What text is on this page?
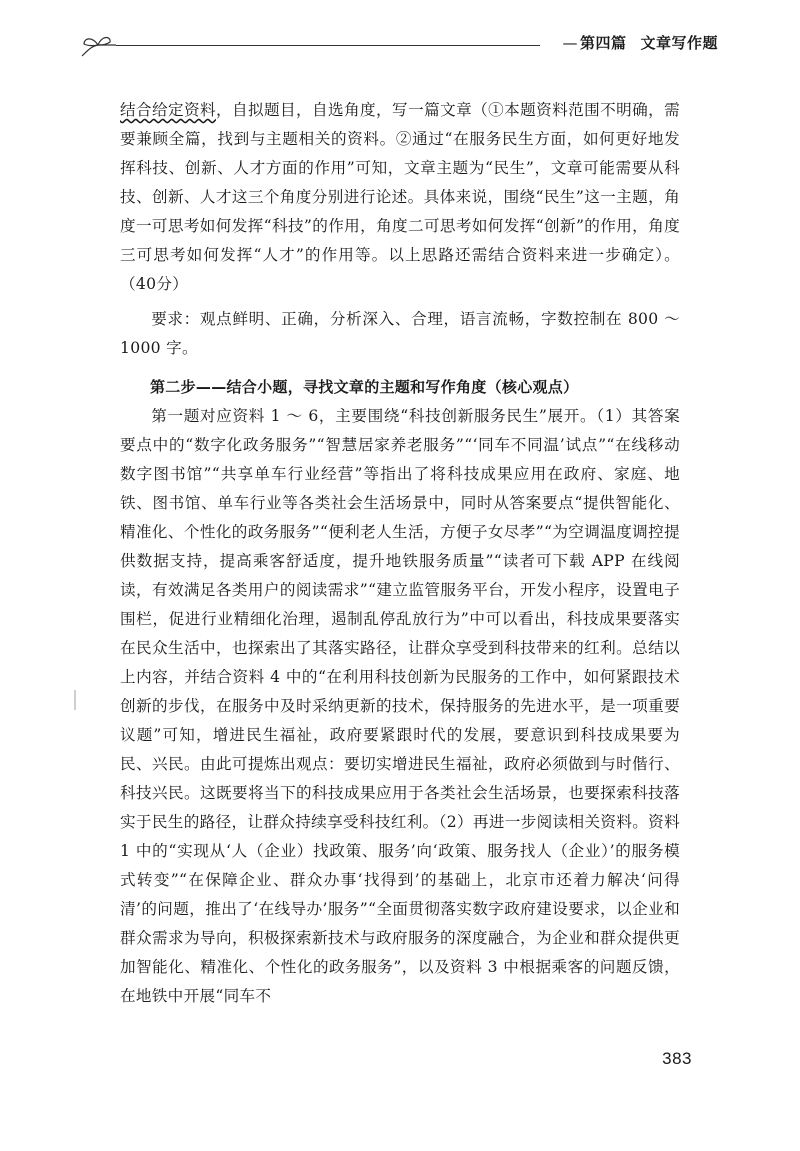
— 第四篇 文章写作题

结合给定资料，自拟题目，自选角度，写一篇文章（①本题资料范围不明确，需要兼顾全篇，找到与主题相关的资料。②通过“在服务民生方面，如何更好地发挥科技、创新、人才方面的作用”可知，文章主题为“民生”，文章可能需要从科技、创新、人才这三个角度分别进行论述。具体来说，围绕“民生”这一主题，角度一可思考如何发挥“科技”的作用，角度二可思考如何发挥“创新”的作用，角度三可思考如何发挥“人才”的作用等。以上思路还需结合资料来进一步确定）。（40分）

要求：观点鲜明、正确，分析深入、合理，语言流畅，字数控制在 800 ～ 1000 字。

第二步——结合小题，寻找文章的主题和写作角度（核心观点）

第一题对应资料 1 ～ 6，主要围绕“科技创新服务民生”展开。（1）其答案要点中的“数字化政务服务”“智慧居家养老服务”“‘同车不同温’试点”“在线移动数字图书馆”“共享单车行业经营”等指出了将科技成果应用在政府、家庭、地铁、图书馆、单车行业等各类社会生活场景中，同时从答案要点“提供智能化、精准化、个性化的政务服务”“便利老人生活，方便子女尽孝”“为空调温度调控提供数据支持，提高乘客舒适度，提升地铁服务质量”“读者可下载 APP 在线阅读，有效满足各类用户的阅读需求”“建立监管服务平台，开发小程序，设置电子围栏，促进行业精细化治理，遏制乱停乱放行为”中可以看出，科技成果要落实在民众生活中，也探索出了其落实路径，让群众享受到科技带来的红利。总结以上内容，并结合资料 4 中的“在利用科技创新为民服务的工作中，如何紧跟技术创新的步伐，在服务中及时采纳更新的技术，保持服务的先进水平，是一项重要议题”可知，增进民生福祉，政府要紧跟时代的发展，要意识到科技成果要为民、兴民。由此可提炼出观点：要切实增进民生福祉，政府必须做到与时偕行、科技兴民。这既要将当下的科技成果应用于各类社会生活场景，也要探索科技落实于民生的路径，让群众持续享受科技红利。（2）再进一步阅读相关资料。资料 1 中的“实现从‘人（企业）找政策、服务’向‘政策、服务找人（企业）’的服务模式转变”“在保障企业、群众办事‘找得到’的基础上，北京市还着力解决‘问得清’的问题，推出了‘在线导办’服务”“全面贯彻落实数字政府建设要求，以企业和群众需求为导向，积极探索新技术与政府服务的深度融合，为企业和群众提供更加智能化、精准化、个性化的政务服务”，以及资料 3 中根据乘客的问题反馈，在地铁中开展“同车不

383
